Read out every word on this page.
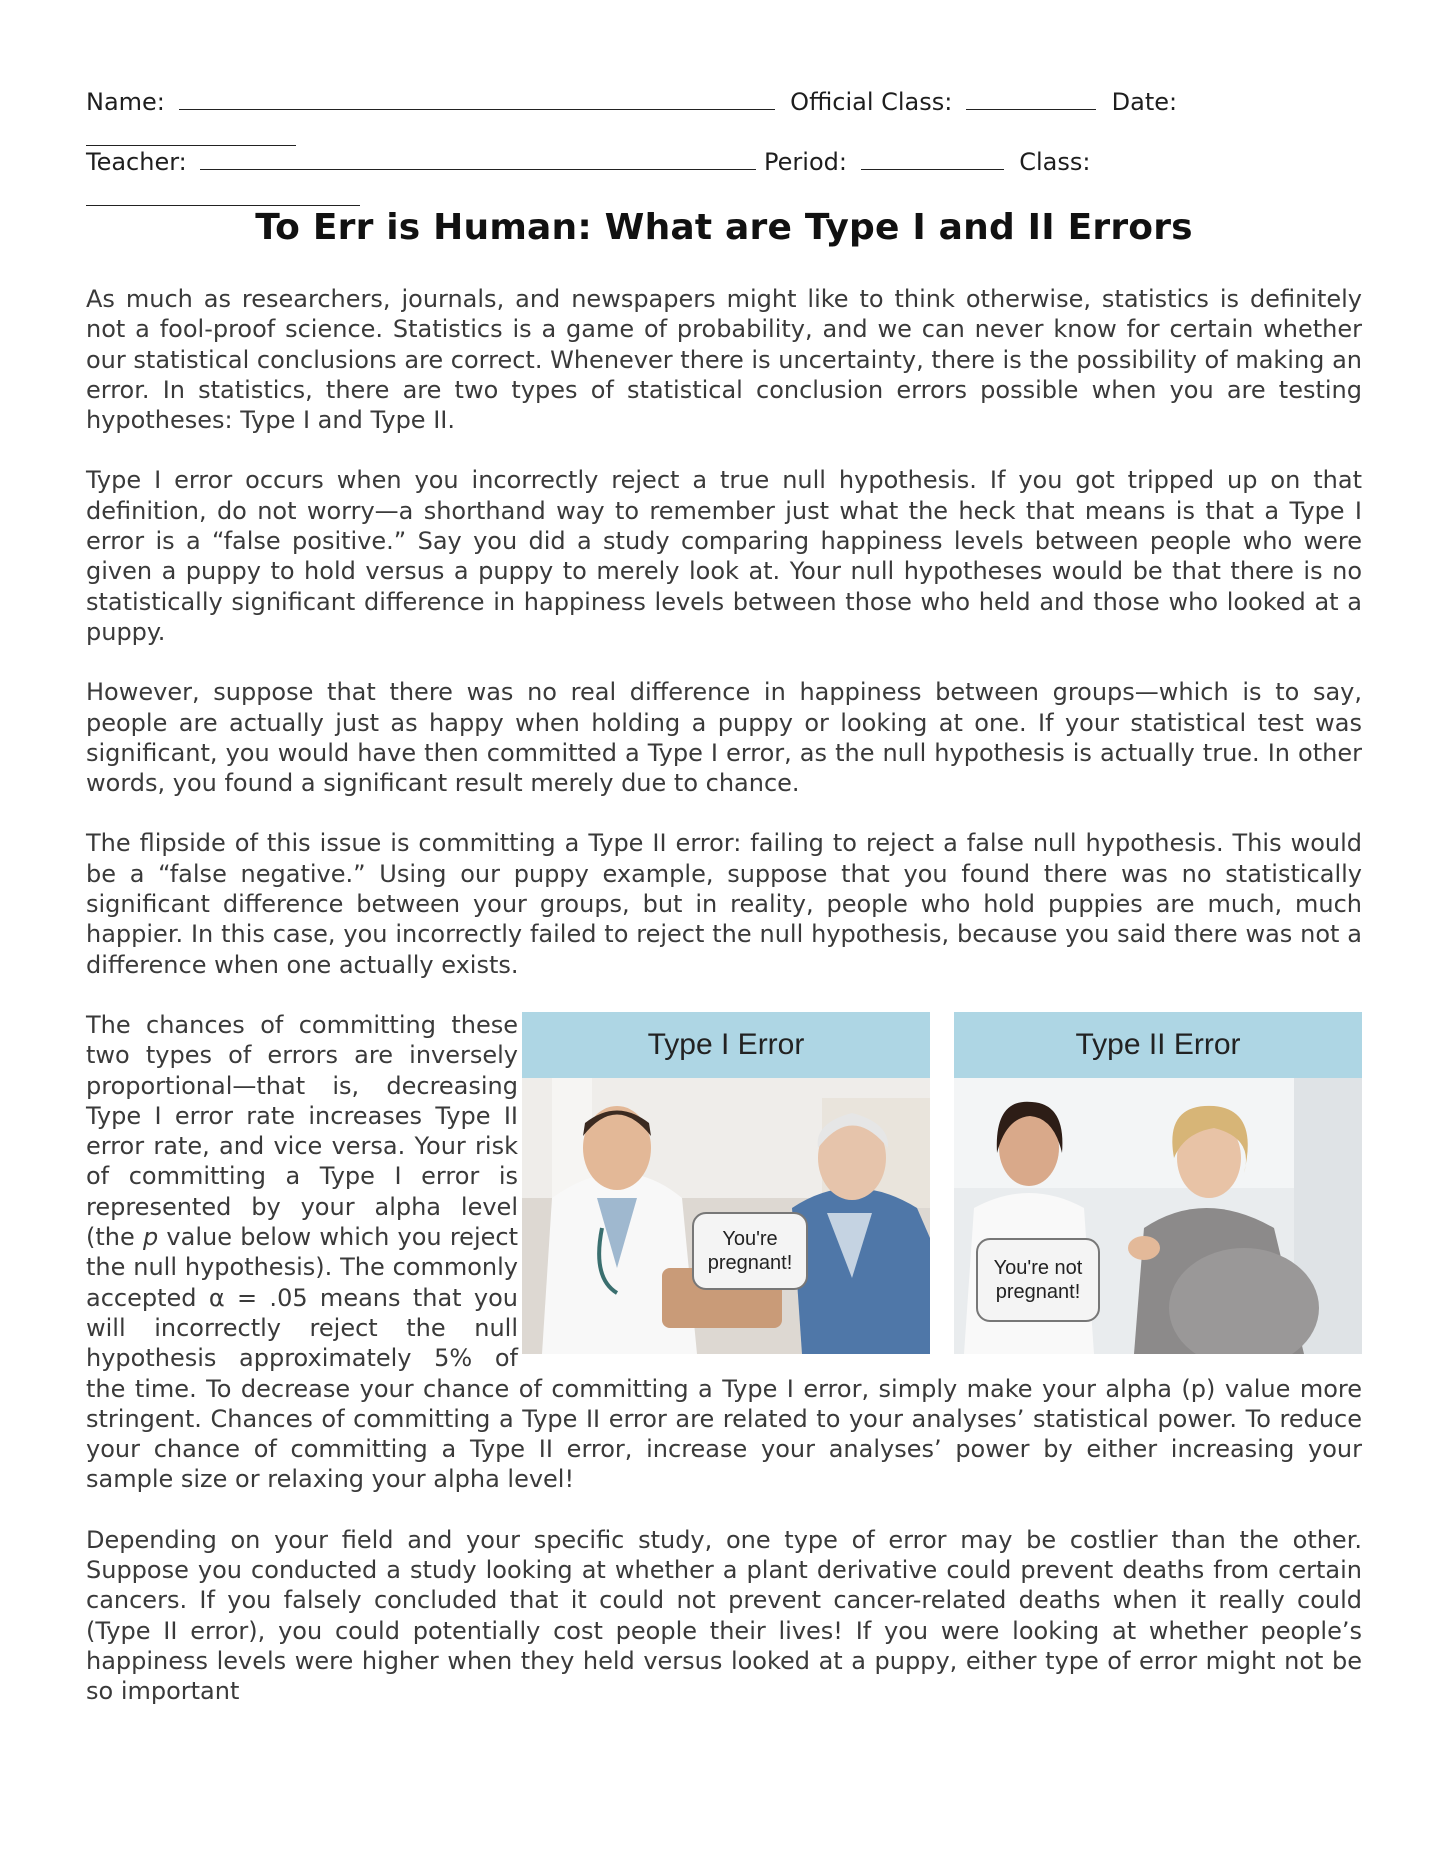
Name:	Official Class:	Date:
Teacher:	Period:	Class:
To Err is Human: What are Type I and II Errors

As much as researchers, journals, and newspapers might like to think otherwise, statistics is definitely not a fool-proof science. Statistics is a game of probability, and we can never know for certain whether our statistical conclusions are correct. Whenever there is uncertainty, there is the possibility of making an error. In statistics, there are two types of statistical conclusion errors possible when you are testing hypotheses: Type I and Type II.

Type I error occurs when you incorrectly reject a true null hypothesis. If you got tripped up on that definition, do not worry—a shorthand way to remember just what the heck that means is that a Type I error is a “false positive.” Say you did a study comparing happiness levels between people who were given a puppy to hold versus a puppy to merely look at. Your null hypotheses would be that there is no statistically significant difference in happiness levels between those who held and those who looked at a puppy.

However, suppose that there was no real difference in happiness between groups—which is to say, people are actually just as happy when holding a puppy or looking at one. If your statistical test was significant, you would have then committed a Type I error, as the null hypothesis is actually true. In other words, you found a significant result merely due to chance.

The flipside of this issue is committing a Type II error: failing to reject a false null hypothesis. This would be a “false negative.” Using our puppy example, suppose that you found there was no statistically significant difference between your groups, but in reality, people who hold puppies are much, much happier. In this case, you incorrectly failed to reject the null hypothesis, because you said there was not a difference when one actually exists.

Type I Error
You're pregnant!
Type II Error
You're not pregnant!
The chances of committing these two types of errors are inversely proportional—that is, decreasing Type I error rate increases Type II error rate, and vice versa. Your risk of committing a Type I error is represented by your alpha level (the p value below which you reject the null hypothesis). The commonly accepted α = .05 means that you will incorrectly reject the null hypothesis approximately 5% of the time. To decrease your chance of committing a Type I error, simply make your alpha (p) value more stringent. Chances of committing a Type II error are related to your analyses’ statistical power. To reduce your chance of committing a Type II error, increase your analyses’ power by either increasing your sample size or relaxing your alpha level!

Depending on your field and your specific study, one type of error may be costlier than the other. Suppose you conducted a study looking at whether a plant derivative could prevent deaths from certain cancers. If you falsely concluded that it could not prevent cancer-related deaths when it really could (Type II error), you could potentially cost people their lives! If you were looking at whether people’s happiness levels were higher when they held versus looked at a puppy, either type of error might not be so important
